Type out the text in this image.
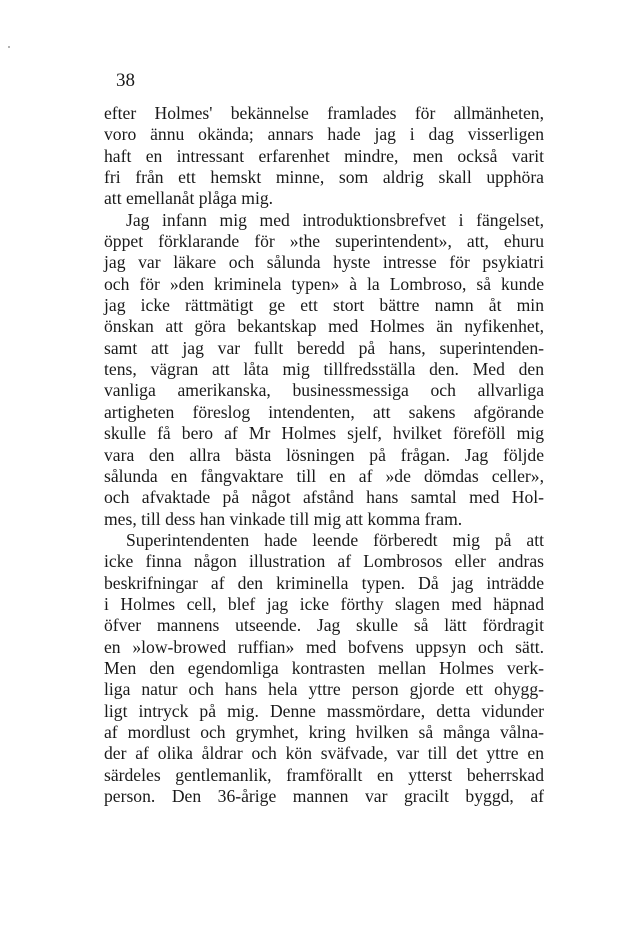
38
efter Holmes' bekännelse framlades för allmänheten,
voro ännu okända; annars hade jag i dag visserligen
haft en intressant erfarenhet mindre, men också varit
fri från ett hemskt minne, som aldrig skall upphöra
att emellanåt plåga mig.
Jag infann mig med introduktionsbrefvet i fängelset,
öppet förklarande för »the superintendent», att, ehuru
jag var läkare och sålunda hyste intresse för psykiatri
och för »den kriminela typen» à la Lombroso, så kunde
jag icke rättmätigt ge ett stort bättre namn åt min
önskan att göra bekantskap med Holmes än nyfikenhet,
samt att jag var fullt beredd på hans, superintenden-
tens, vägran att låta mig tillfredsställa den. Med den
vanliga amerikanska, businessmessiga och allvarliga
artigheten föreslog intendenten, att sakens afgörande
skulle få bero af Mr Holmes sjelf, hvilket föreföll mig
vara den allra bästa lösningen på frågan. Jag följde
sålunda en fångvaktare till en af »de dömdas celler»,
och afvaktade på något afstånd hans samtal med Hol-
mes, till dess han vinkade till mig att komma fram.
Superintendenten hade leende förberedt mig på att
icke finna någon illustration af Lombrosos eller andras
beskrifningar af den kriminella typen. Då jag inträdde
i Holmes cell, blef jag icke förthy slagen med häpnad
öfver mannens utseende. Jag skulle så lätt fördragit
en »low-browed ruffian» med bofvens uppsyn och sätt.
Men den egendomliga kontrasten mellan Holmes verk-
liga natur och hans hela yttre person gjorde ett ohygg-
ligt intryck på mig. Denne massmördare, detta vidunder
af mordlust och grymhet, kring hvilken så många vålna-
der af olika åldrar och kön sväfvade, var till det yttre en
särdeles gentlemanlik, framförallt en ytterst beherrskad
person. Den 36-årige mannen var gracilt byggd, af
